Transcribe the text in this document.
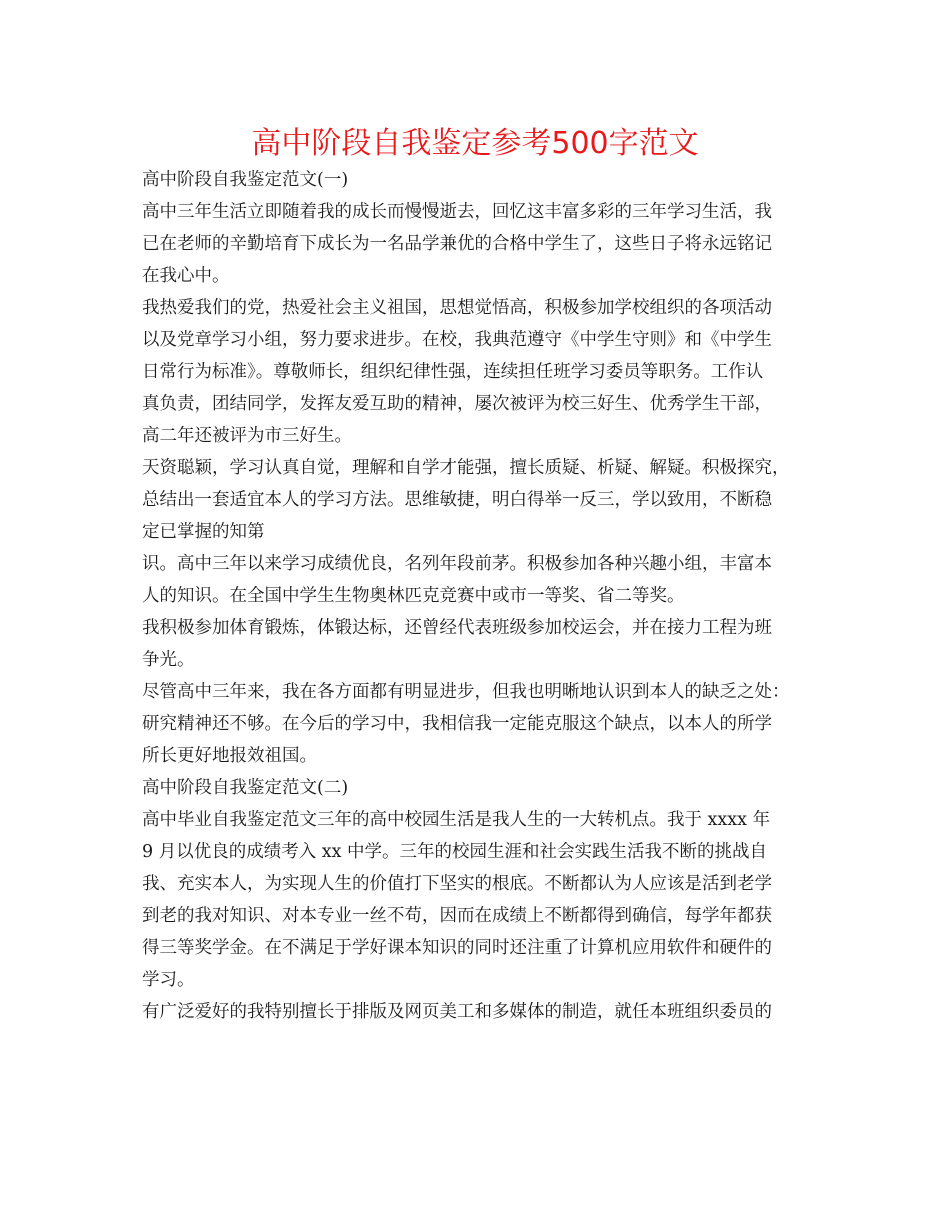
高中阶段自我鉴定参考500字范文
高中阶段自我鉴定范文(一)
高中三年生活立即随着我的成长而慢慢逝去，回忆这丰富多彩的三年学习生活，我
已在老师的辛勤培育下成长为一名品学兼优的合格中学生了，这些日子将永远铭记
在我心中。
我热爱我们的党，热爱社会主义祖国，思想觉悟高，积极参加学校组织的各项活动
以及党章学习小组，努力要求进步。在校，我典范遵守《中学生守则》和《中学生
日常行为标准》。尊敬师长，组织纪律性强，连续担任班学习委员等职务。工作认
真负责，团结同学，发挥友爱互助的精神，屡次被评为校三好生、优秀学生干部，
高二年还被评为市三好生。
天资聪颖，学习认真自觉，理解和自学才能强，擅长质疑、析疑、解疑。积极探究，
总结出一套适宜本人的学习方法。思维敏捷，明白得举一反三，学以致用，不断稳
定已掌握的知第
识。高中三年以来学习成绩优良，名列年段前茅。积极参加各种兴趣小组，丰富本
人的知识。在全国中学生生物奥林匹克竞赛中或市一等奖、省二等奖。
我积极参加体育锻炼，体锻达标，还曾经代表班级参加校运会，并在接力工程为班
争光。
尽管高中三年来，我在各方面都有明显进步，但我也明晰地认识到本人的缺乏之处：
研究精神还不够。在今后的学习中，我相信我一定能克服这个缺点，以本人的所学
所长更好地报效祖国。
高中阶段自我鉴定范文(二)
高中毕业自我鉴定范文三年的高中校园生活是我人生的一大转机点。我于 xxxx 年
9 月以优良的成绩考入 xx 中学。三年的校园生涯和社会实践生活我不断的挑战自
我、充实本人，为实现人生的价值打下坚实的根底。不断都认为人应该是活到老学
到老的我对知识、对本专业一丝不苟，因而在成绩上不断都得到确信，每学年都获
得三等奖学金。在不满足于学好课本知识的同时还注重了计算机应用软件和硬件的
学习。
有广泛爱好的我特别擅长于排版及网页美工和多媒体的制造，就任本班组织委员的
